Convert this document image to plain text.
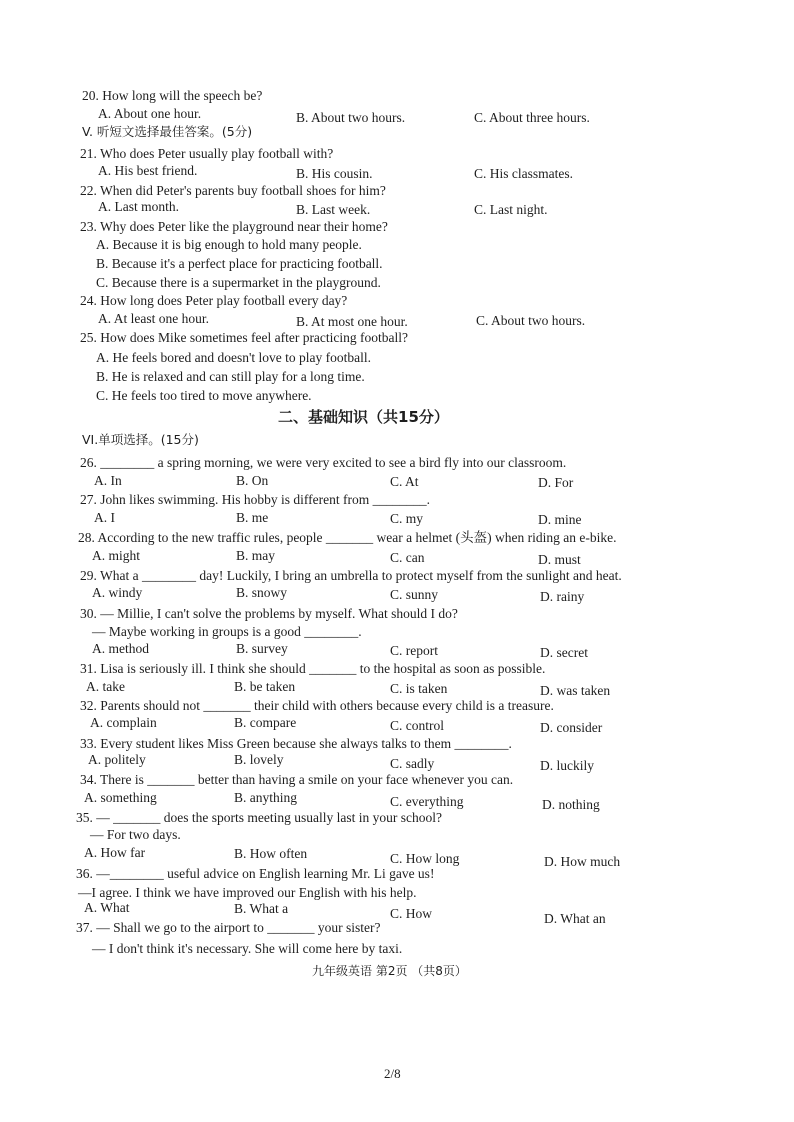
20. How long will the speech be?
A. About one hour.	B. About two hours.	C. About three hours.
V. 听短文选择最佳答案。(5分)
21. Who does Peter usually play football with?
A. His best friend.	B. His cousin.	C. His classmates.
22. When did Peter's parents buy football shoes for him?
A. Last month.	B. Last week.	C. Last night.
23. Why does Peter like the playground near their home?
A. Because it is big enough to hold many people.
B. Because it's a perfect place for practicing football.
C. Because there is a supermarket in the playground.
24. How long does Peter play football every day?
A. At least one hour.	B. At most one hour.	C. About two hours.
25. How does Mike sometimes feel after practicing football?
A. He feels bored and doesn't love to play football.
B. He is relaxed and can still play for a long time.
C. He feels too tired to move anywhere.
VI.单项选择。(15分)
26. ________ a spring morning, we were very excited to see a bird fly into our classroom.
A. In	B. On	C. At	D. For
27. John likes swimming. His hobby is different from ________.
A. I	B. me	C. my	D. mine
28. According to the new traffic rules, people _______ wear a helmet (头盔) when riding an e-bike.
A. might	B. may	C. can	D. must
29. What a ________ day! Luckily, I bring an umbrella to protect myself from the sunlight and heat.
A. windy	B. snowy	C. sunny	D. rainy
30. — Millie, I can't solve the problems by myself. What should I do?
— Maybe working in groups is a good ________.
A. method	B. survey	C. report	D. secret
31. Lisa is seriously ill. I think she should _______ to the hospital as soon as possible.
A. take	B. be taken	C. is taken	D. was taken
32. Parents should not _______ their child with others because every child is a treasure.
A. complain	B. compare	C. control	D. consider
33. Every student likes Miss Green because she always talks to them ________.
A. politely	B. lovely	C. sadly	D. luckily
34. There is _______ better than having a smile on your face whenever you can.
A. something	B. anything	C. everything	D. nothing
35. — _______ does the sports meeting usually last in your school?
— For two days.
A. How far	B. How often	C. How long	D. How much
36. —________ useful advice on English learning Mr. Li gave us!
—I agree. I think we have improved our English with his help.
A. What	B. What a	C. How	D. What an
37. — Shall we go to the airport to _______ your sister?
— I don't think it's necessary. She will come here by taxi.
二、基础知识（共15分）
九年级英语 第2页 （共8页）
2/8
